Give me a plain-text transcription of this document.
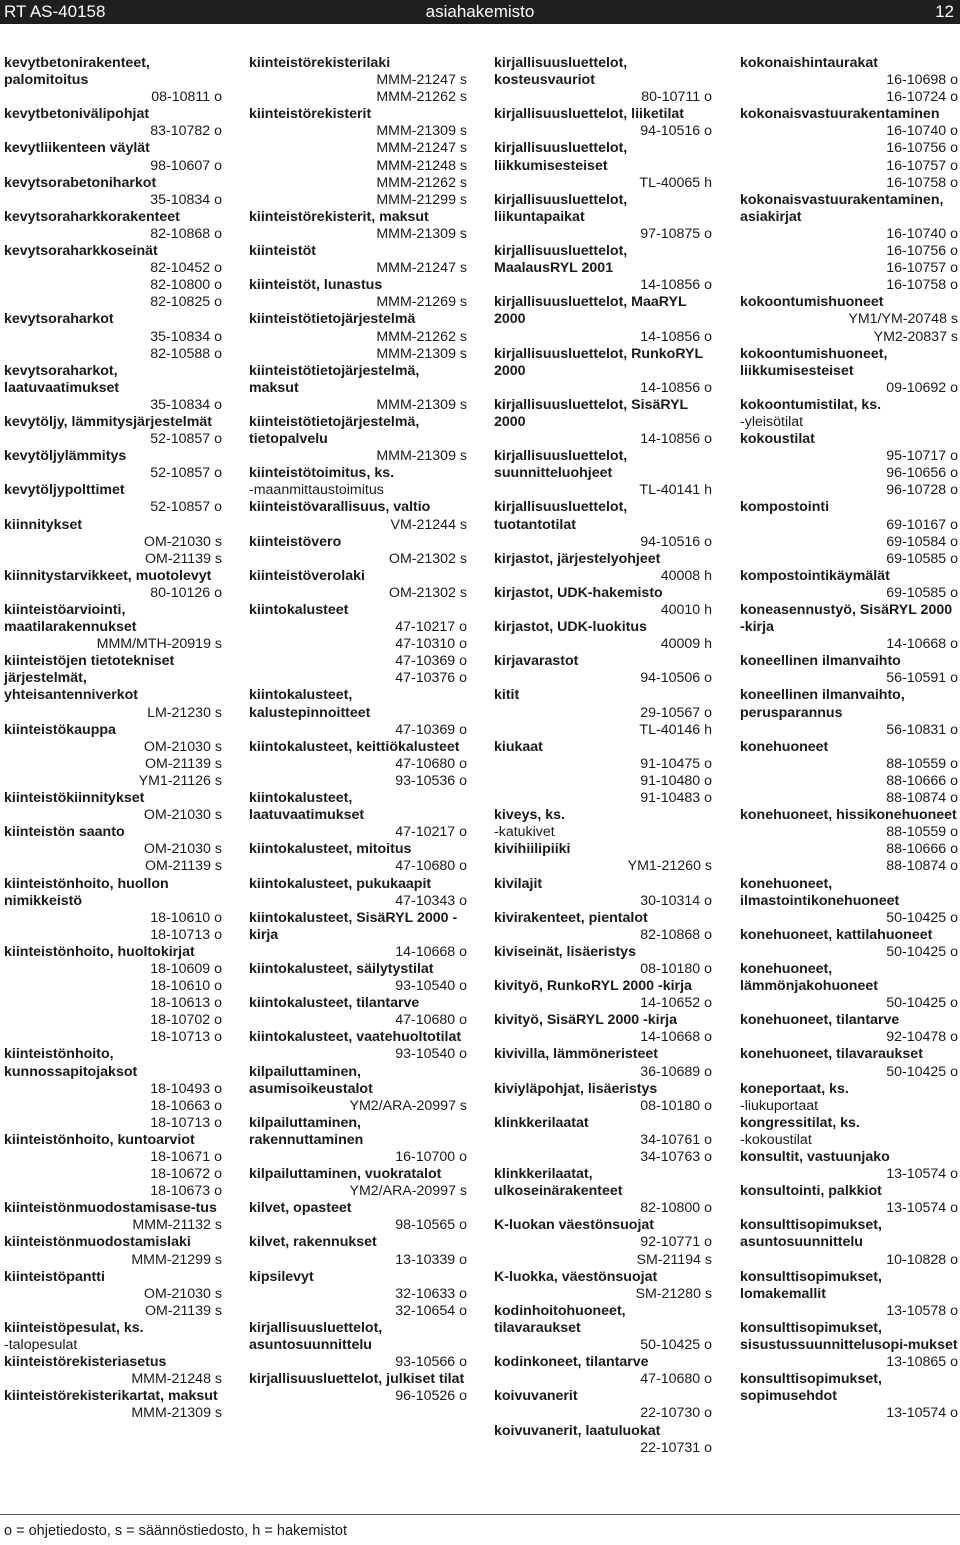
RT AS-40158	asiahakemisto	12
kevytbetonirakenteet, palomitoitus
08-10811 o
kevytbetonivälipohjat
83-10782 o
kevytliikenteen väylät
98-10607 o
kevytsorabetoniharkot
35-10834 o
kevytsoraharkkorakenteet
82-10868 o
kevytsoraharkkoseinät
82-10452 o
82-10800 o
82-10825 o
kevytsoraharkot
35-10834 o
82-10588 o
kevytsoraharkot, laatuvaatimukset
35-10834 o
kevytöljy, lämmitysjärjestelmät
52-10857 o
kevytöljylämmitys
52-10857 o
kevytöljypolttimet
52-10857 o
kiinnitykset
OM-21030 s
OM-21139 s
kiinnitystarvikkeet, muotolevyt
80-10126 o
kiinteistöarviointi, maatilarakennukset
MMM/MTH-20919 s
kiinteistöjen tietotekniset järjestelmät, yhteisantenniverkot
LM-21230 s
kiinteistökauppa
OM-21030 s
OM-21139 s
YM1-21126 s
kiinteistökiinnitykset
OM-21030 s
kiinteistön saanto
OM-21030 s
OM-21139 s
kiinteistönhoito, huollon nimikkeistö
18-10610 o
18-10713 o
kiinteistönhoito, huoltokirjat
18-10609 o
18-10610 o
18-10613 o
18-10702 o
18-10713 o
kiinteistönhoito, kunnossapitojaksot
18-10493 o
18-10663 o
18-10713 o
kiinteistönhoito, kuntoarviot
18-10671 o
18-10672 o
18-10673 o
kiinteistönmuodostamisase-tus
MMM-21132 s
kiinteistönmuodostamislaki
MMM-21299 s
kiinteistöpantti
OM-21030 s
OM-21139 s
kiinteistöpesulat, ks.
-talopesulat
kiinteistörekisteriasetus
MMM-21248 s
kiinteistörekisterikartat, maksut
MMM-21309 s
kiinteistörekisterilaki
MMM-21247 s
MMM-21262 s
kiinteistörekisterit
MMM-21309 s
MMM-21247 s
MMM-21248 s
MMM-21262 s
MMM-21299 s
kiinteistörekisterit, maksut
MMM-21309 s
kiinteistöt
MMM-21247 s
kiinteistöt, lunastus
MMM-21269 s
kiinteistötietojärjestelmä
MMM-21262 s
MMM-21309 s
kiinteistötietojärjestelmä, maksut
MMM-21309 s
kiinteistötietojärjestelmä, tietopalvelu
MMM-21309 s
kiinteistötoimitus, ks.
-maanmittaustoimitus
kiinteistövarallisuus, valtio
VM-21244 s
kiinteistövero
OM-21302 s
kiinteistöverolaki
OM-21302 s
kiintokalusteet
47-10217 o
47-10310 o
47-10369 o
47-10376 o
kiintokalusteet, kalustepinnoitteet
47-10369 o
kiintokalusteet, keittiökalusteet
47-10680 o
93-10536 o
kiintokalusteet, laatuvaatimukset
47-10217 o
kiintokalusteet, mitoitus
47-10680 o
kiintokalusteet, pukukaapit
47-10343 o
kiintokalusteet, SisäRYL 2000 -kirja
14-10668 o
kiintokalusteet, säilytystilat
93-10540 o
kiintokalusteet, tilantarve
47-10680 o
kiintokalusteet, vaatehuoltotilat
93-10540 o
kilpailuttaminen, asumisoikeustalot
YM2/ARA-20997 s
kilpailuttaminen, rakennuttaminen
16-10700 o
kilpailuttaminen, vuokratalot
YM2/ARA-20997 s
kilvet, opasteet
98-10565 o
kilvet, rakennukset
13-10339 o
kipsilevyt
32-10633 o
32-10654 o
kirjallisuusluettelot, asuntosuunnittelu
93-10566 o
kirjallisuusluettelot, julkiset tilat
96-10526 o
kirjallisuusluettelot, kosteusvauriot
80-10711 o
kirjallisuusluettelot, liiketilat
94-10516 o
kirjallisuusluettelot, liikkumisesteiset
TL-40065 h
kirjallisuusluettelot, liikuntapaikat
97-10875 o
kirjallisuusluettelot, MaalausRYL 2001
14-10856 o
kirjallisuusluettelot, MaaRYL 2000
14-10856 o
kirjallisuusluettelot, RunkoRYL 2000
14-10856 o
kirjallisuusluettelot, SisäRYL 2000
14-10856 o
kirjallisuusluettelot, suunnitteluohjeet
TL-40141 h
kirjallisuusluettelot, tuotantotilat
94-10516 o
kirjastot, järjestelyohjeet
40008 h
kirjastot, UDK-hakemisto
40010 h
kirjastot, UDK-luokitus
40009 h
kirjavarastot
94-10506 o
kitit
29-10567 o
TL-40146 h
kiukaat
91-10475 o
91-10480 o
91-10483 o
kiveys, ks.
-katukivet
kivihiilipiiki
YM1-21260 s
kivilajit
30-10314 o
kivirakenteet, pientalot
82-10868 o
kiviseinät, lisäeristys
08-10180 o
kivityö, RunkoRYL 2000 -kirja
14-10652 o
kivityö, SisäRYL 2000 -kirja
14-10668 o
kivivilla, lämmöneristeet
36-10689 o
kiviyläpohjat, lisäeristys
08-10180 o
klinkkerilaatat
34-10761 o
34-10763 o
klinkkerilaatat, ulkoseinärakenteet
82-10800 o
K-luokan väestönsuojat
92-10771 o
SM-21194 s
K-luokka, väestönsuojat
SM-21280 s
kodinhoitohuoneet, tilavaraukset
50-10425 o
kodinkoneet, tilantarve
47-10680 o
koivuvanerit
22-10730 o
koivuvanerit, laatuluokat
22-10731 o
kokonaishintaurakat
16-10698 o
16-10724 o
kokonaisvastuurakentaminen
16-10740 o
16-10756 o
16-10757 o
16-10758 o
kokonaisvastuurakentaminen, asiakirjat
16-10740 o
16-10756 o
16-10757 o
16-10758 o
kokoontumishuoneet
YM1/YM-20748 s
YM2-20837 s
kokoontumishuoneet, liikkumisesteiset
09-10692 o
kokoontumistilat, ks.
-yleisötilat
kokoustilat
95-10717 o
96-10656 o
96-10728 o
kompostointi
69-10167 o
69-10584 o
69-10585 o
kompostointikäymälät
69-10585 o
koneasennustyö, SisäRYL 2000 -kirja
14-10668 o
koneellinen ilmanvaihto
56-10591 o
koneellinen ilmanvaihto, perusparannus
56-10831 o
konehuoneet
88-10559 o
88-10666 o
88-10874 o
konehuoneet, hissikonehuoneet
88-10559 o
88-10666 o
88-10874 o
konehuoneet, ilmastointikonehuoneet
50-10425 o
konehuoneet, kattilahuoneet
50-10425 o
konehuoneet, lämmönjakohuoneet
50-10425 o
konehuoneet, tilantarve
92-10478 o
konehuoneet, tilavaraukset
50-10425 o
koneportaat, ks.
-liukuportaat
kongressitilat, ks.
-kokoustilat
konsultit, vastuunjako
13-10574 o
konsultointi, palkkiot
13-10574 o
konsulttisopimukset, asuntosuunnittelu
10-10828 o
konsulttisopimukset, lomakemallit
13-10578 o
konsulttisopimukset, sisustussuunnittelusopi-mukset
13-10865 o
konsulttisopimukset, sopimusehdot
13-10574 o
o = ohjetiedosto, s = säännöstiedosto, h = hakemistot
